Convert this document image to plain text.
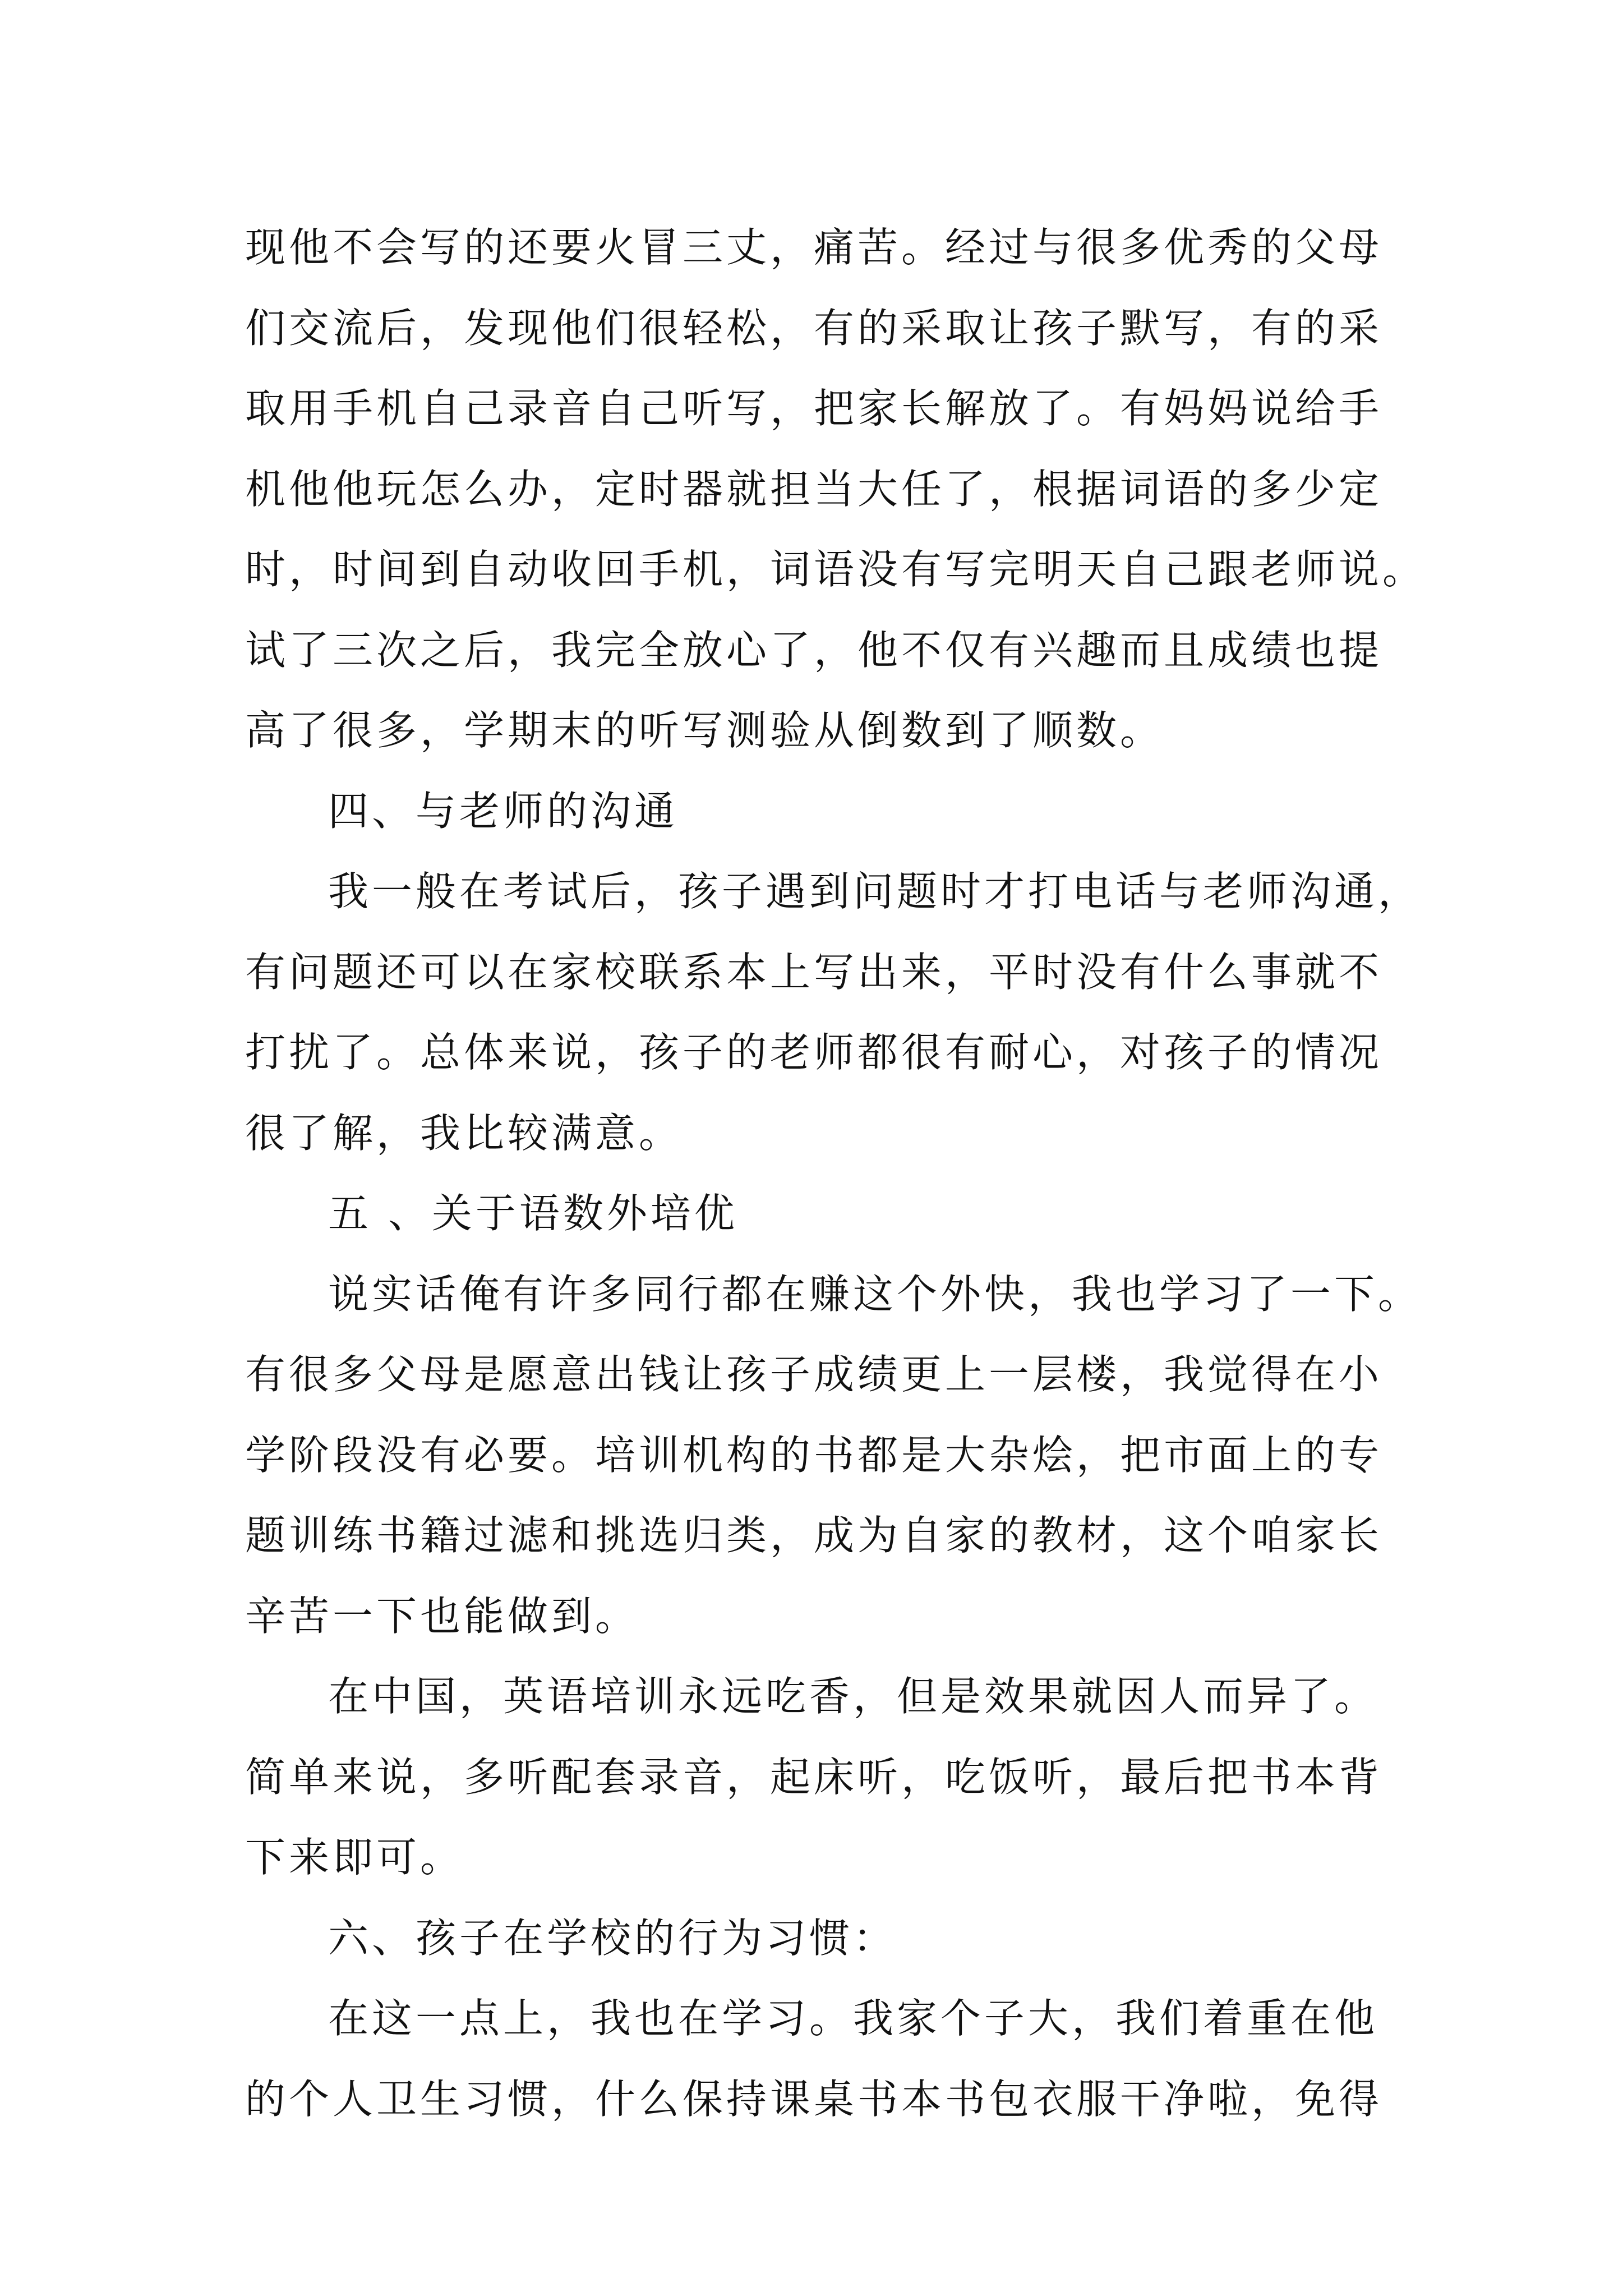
现他不会写的还要火冒三丈，痛苦。经过与很多优秀的父母
们交流后，发现他们很轻松，有的采取让孩子默写，有的采
取用手机自己录音自己听写，把家长解放了。有妈妈说给手
机他他玩怎么办，定时器就担当大任了，根据词语的多少定
时，时间到自动收回手机，词语没有写完明天自己跟老师说。
试了三次之后，我完全放心了，他不仅有兴趣而且成绩也提
高了很多，学期末的听写测验从倒数到了顺数。
四、与老师的沟通
我一般在考试后，孩子遇到问题时才打电话与老师沟通，
有问题还可以在家校联系本上写出来，平时没有什么事就不
打扰了。总体来说，孩子的老师都很有耐心，对孩子的情况
很了解，我比较满意。
五 、关于语数外培优
说实话俺有许多同行都在赚这个外快，我也学习了一下。
有很多父母是愿意出钱让孩子成绩更上一层楼，我觉得在小
学阶段没有必要。培训机构的书都是大杂烩，把市面上的专
题训练书籍过滤和挑选归类，成为自家的教材，这个咱家长
辛苦一下也能做到。
在中国，英语培训永远吃香，但是效果就因人而异了。
简单来说，多听配套录音，起床听，吃饭听，最后把书本背
下来即可。
六、孩子在学校的行为习惯：
在这一点上，我也在学习。我家个子大，我们着重在他
的个人卫生习惯，什么保持课桌书本书包衣服干净啦，免得
